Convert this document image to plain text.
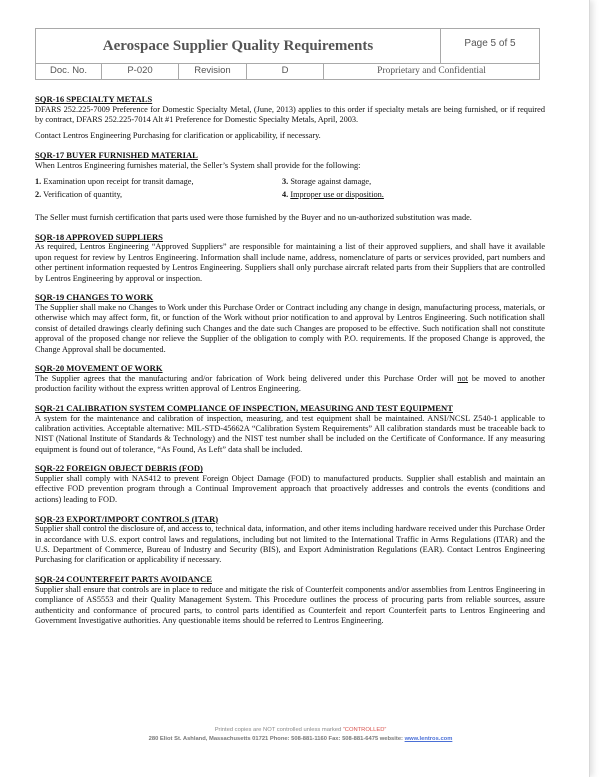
Aerospace Supplier Quality Requirements	Page 5 of 5
Doc. No.	P-020	Revision	D	Proprietary and Confidential
SQR-16 SPECIALTY METALS

DFARS 252.225-7009 Preference for Domestic Specialty Metal, (June, 2013) applies to this order if specialty metals are being furnished, or if required by contract, DFARS 252.225-7014 Alt #1 Preference for Domestic Specialty Metals, April, 2003.

Contact Lentros Engineering Purchasing for clarification or applicability, if necessary.

SQR-17 BUYER FURNISHED MATERIAL

When Lentros Engineering furnishes material, the Seller’s System shall provide for the following:

1. Examination upon receipt for transit damage,
2. Verification of quantity,
3. Storage against damage,
4. Improper use or disposition.

The Seller must furnish certification that parts used were those furnished by the Buyer and no un-authorized substitution was made.

SQR-18 APPROVED SUPPLIERS

As required, Lentros Engineering “Approved Suppliers” are responsible for maintaining a list of their approved suppliers, and shall have it available upon request for review by Lentros Engineering. Information shall include name, address, nomenclature of parts or services provided, part numbers and other pertinent information requested by Lentros Engineering. Suppliers shall only purchase aircraft related parts from their Suppliers that are controlled by Lentros Engineering by approval or inspection.

SQR-19 CHANGES TO WORK

The Supplier shall make no Changes to Work under this Purchase Order or Contract including any change in design, manufacturing process, materials, or otherwise which may affect form, fit, or function of the Work without prior notification to and approval by Lentros Engineering. Such notification shall consist of detailed drawings clearly defining such Changes and the date such Changes are proposed to be effective. Such notification shall not constitute approval of the proposed change nor relieve the Supplier of the obligation to comply with P.O. requirements. If the proposed Change is approved, the Change Approval shall be documented.

SQR-20 MOVEMENT OF WORK

The Supplier agrees that the manufacturing and/or fabrication of Work being delivered under this Purchase Order will not be moved to another production facility without the express written approval of Lentros Engineering.

SQR-21 CALIBRATION SYSTEM COMPLIANCE OF INSPECTION, MEASURING AND TEST EQUIPMENT

A system for the maintenance and calibration of inspection, measuring, and test equipment shall be maintained. ANSI/NCSL Z540-1 applicable to calibration activities. Acceptable alternative: MIL-STD-45662A “Calibration System Requirements” All calibration standards must be traceable back to NIST (National Institute of Standards & Technology) and the NIST test number shall be included on the Certificate of Conformance. If any measuring equipment is found out of tolerance, “As Found, As Left” data shall be included.

SQR-22 FOREIGN OBJECT DEBRIS (FOD)

Supplier shall comply with NAS412 to prevent Foreign Object Damage (FOD) to manufactured products. Supplier shall establish and maintain an effective FOD prevention program through a Continual Improvement approach that proactively addresses and controls the events (conditions and actions) leading to FOD.

SQR-23 EXPORT/IMPORT CONTROLS (ITAR)

Supplier shall control the disclosure of, and access to, technical data, information, and other items including hardware received under this Purchase Order in accordance with U.S. export control laws and regulations, including but not limited to the International Traffic in Arms Regulations (ITAR) and the U.S. Department of Commerce, Bureau of Industry and Security (BIS), and Export Administration Regulations (EAR). Contact Lentros Engineering Purchasing for clarification or applicability if necessary.

SQR-24 COUNTERFEIT PARTS AVOIDANCE

Supplier shall ensure that controls are in place to reduce and mitigate the risk of Counterfeit components and/or assemblies from Lentros Engineering in compliance of AS5553 and their Quality Management System. This Procedure outlines the process of procuring parts from reliable sources, assure authenticity and conformance of procured parts, to control parts identified as Counterfeit and report Counterfeit parts to Lentros Engineering and Government Investigative authorities. Any questionable items should be referred to Lentros Engineering.

Printed copies are NOT controlled unless marked “CONTROLLED”
280 Eliot St. Ashland, Massachusetts 01721 Phone: 508-881-1160 Fax: 508-881-6475 website: www.lentros.com
